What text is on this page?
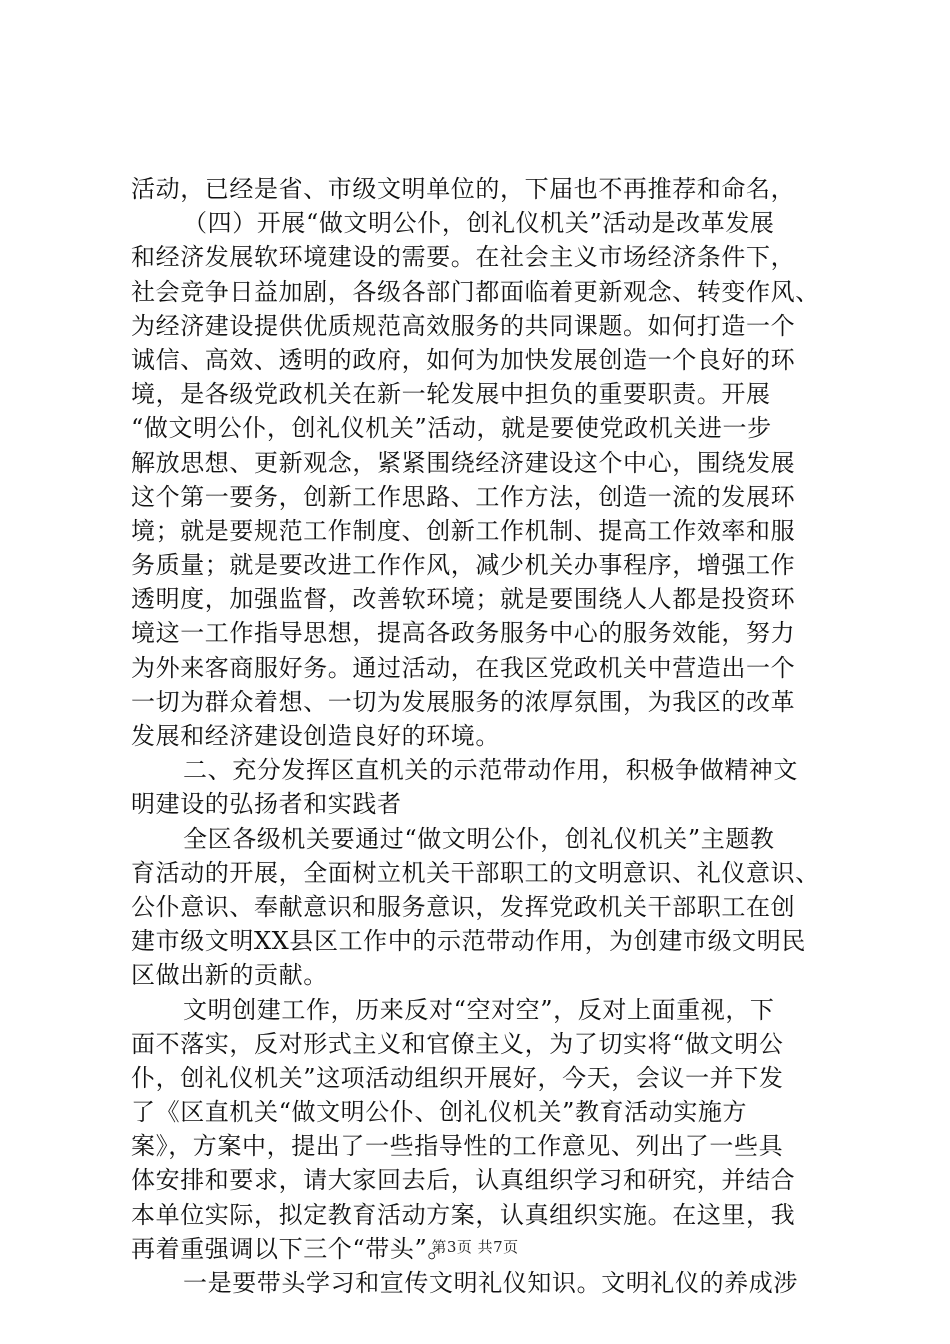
活动，已经是省、市级文明单位的，下届也不再推荐和命名，
（四）开展“做文明公仆，创礼仪机关”活动是改革发展
和经济发展软环境建设的需要。在社会主义市场经济条件下，
社会竞争日益加剧，各级各部门都面临着更新观念、转变作风、
为经济建设提供优质规范高效服务的共同课题。如何打造一个
诚信、高效、透明的政府，如何为加快发展创造一个良好的环
境，是各级党政机关在新一轮发展中担负的重要职责。开展
“做文明公仆，创礼仪机关”活动，就是要使党政机关进一步
解放思想、更新观念，紧紧围绕经济建设这个中心，围绕发展
这个第一要务，创新工作思路、工作方法，创造一流的发展环
境；就是要规范工作制度、创新工作机制、提高工作效率和服
务质量；就是要改进工作作风，减少机关办事程序，增强工作
透明度，加强监督，改善软环境；就是要围绕人人都是投资环
境这一工作指导思想，提高各政务服务中心的服务效能，努力
为外来客商服好务。通过活动，在我区党政机关中营造出一个
一切为群众着想、一切为发展服务的浓厚氛围，为我区的改革
发展和经济建设创造良好的环境。
二、充分发挥区直机关的示范带动作用，积极争做精神文
明建设的弘扬者和实践者
全区各级机关要通过“做文明公仆，创礼仪机关”主题教
育活动的开展，全面树立机关干部职工的文明意识、礼仪意识、
公仆意识、奉献意识和服务意识，发挥党政机关干部职工在创
建市级文明XX县区工作中的示范带动作用，为创建市级文明民
区做出新的贡献。
文明创建工作，历来反对“空对空”，反对上面重视，下
面不落实，反对形式主义和官僚主义，为了切实将“做文明公
仆，创礼仪机关”这项活动组织开展好，今天，会议一并下发
了《区直机关“做文明公仆、创礼仪机关”教育活动实施方
案》，方案中，提出了一些指导性的工作意见、列出了一些具
体安排和要求，请大家回去后，认真组织学习和研究，并结合
本单位实际，拟定教育活动方案，认真组织实施。在这里，我
再着重强调以下三个“带头”。
一是要带头学习和宣传文明礼仪知识。文明礼仪的养成涉
第3页 共7页
